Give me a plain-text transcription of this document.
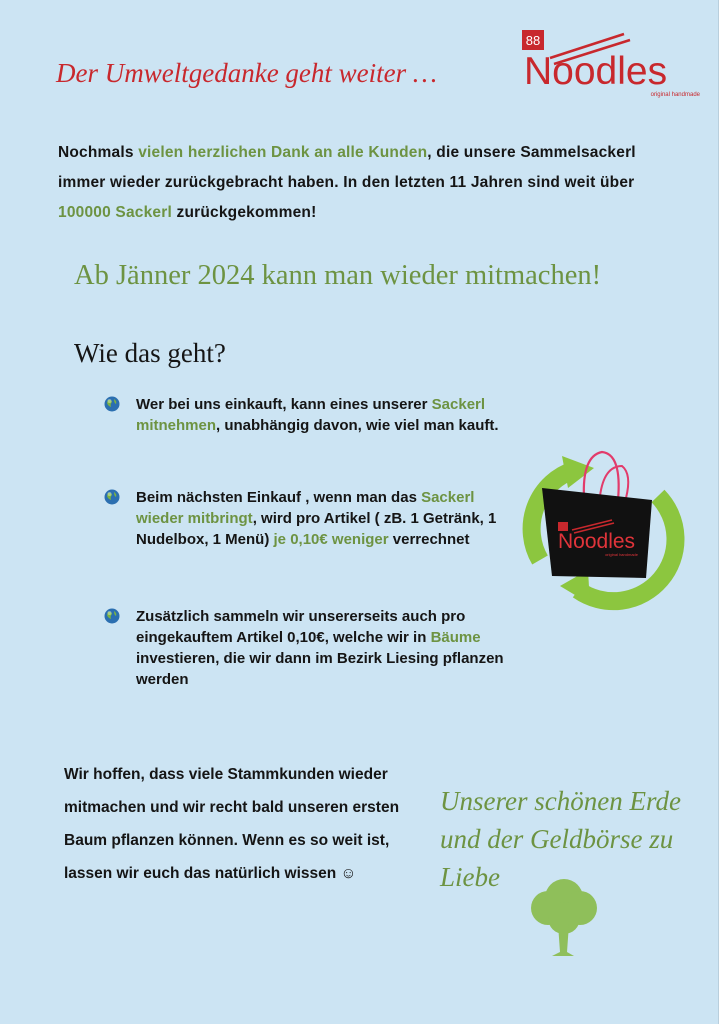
Der Umweltgedanke geht weiter …
88
Noodles
original handmade
Nochmals vielen herzlichen Dank an alle Kunden, die unsere Sammelsackerl immer wieder zurückgebracht haben. In den letzten 11 Jahren sind weit über 100000 Sackerl zurückgekommen!
Ab Jänner 2024 kann man wieder mitmachen!
Wie das geht?
Wer bei uns einkauft, kann eines unserer Sackerl mitnehmen, unabhängig davon, wie viel man kauft.
Beim nächsten Einkauf , wenn man das Sackerl wieder mitbringt, wird pro Artikel ( zB. 1 Getränk, 1 Nudelbox, 1 Menü) je 0,10€ weniger verrechnet
Zusätzlich sammeln wir unsererseits auch pro eingekauftem Artikel 0,10€, welche wir in Bäume investieren, die wir dann im Bezirk Liesing pflanzen werden
Noodles
original handmade
Wir hoffen, dass viele Stammkunden wieder mitmachen und wir recht bald unseren ersten Baum pflanzen können. Wenn es so weit ist, lassen wir euch das natürlich wissen ☺
Unserer schönen Erde und der Geldbörse zu Liebe
